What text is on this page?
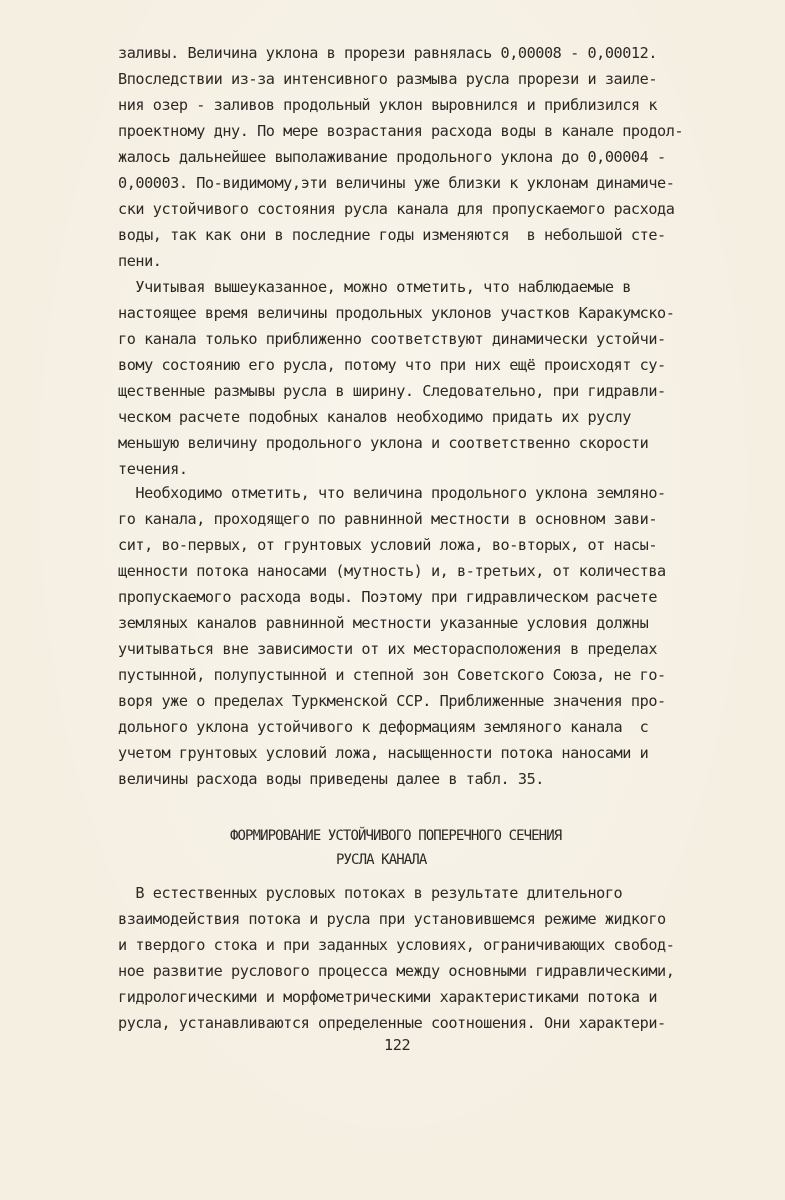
заливы. Величина уклона в прорези равнялась 0,00008 - 0,00012.
Впоследствии из-за интенсивного размыва русла прорези и заиле-
ния озер - заливов продольный уклон выровнился и приблизился к
проектному дну. По мере возрастания расхода воды в канале продол-
жалось дальнейшее выполаживание продольного уклона до 0,00004 -
0,00003. По-видимому,эти величины уже близки к уклонам динамиче-
ски устойчивого состояния русла канала для пропускаемого расхода
воды, так как они в последние годы изменяются  в небольшой сте-
пени.
Учитывая вышеуказанное, можно отметить, что наблюдаемые в
настоящее время величины продольных уклонов участков Каракумско-
го канала только приближенно соответствуют динамически устойчи-
вому состоянию его русла, потому что при них ещё происходят су-
щественные размывы русла в ширину. Следовательно, при гидравли-
ческом расчете подобных каналов необходимо придать их руслу
меньшую величину продольного уклона и соответственно скорости
течения.
Необходимо отметить, что величина продольного уклона земляно-
го канала, проходящего по равнинной местности в основном зави-
сит, во-первых, от грунтовых условий ложа, во-вторых, от насы-
щенности потока наносами (мутность) и, в-третьих, от количества
пропускаемого расхода воды. Поэтому при гидравлическом расчете
земляных каналов равнинной местности указанные условия должны
учитываться вне зависимости от их месторасположения в пределах
пустынной, полупустынной и степной зон Советского Союза, не го-
воря уже о пределах Туркменской ССР. Приближенные значения про-
дольного уклона устойчивого к деформациям земляного канала  с
учетом грунтовых условий ложа, насыщенности потока наносами и
величины расхода воды приведены далее в табл. 35.
ФОРМИРОВАНИЕ УСТОЙЧИВОГО ПОПЕРЕЧНОГО СЕЧЕНИЯ
РУСЛА КАНАЛА
В естественных русловых потоках в результате длительного
взаимодействия потока и русла при установившемся режиме жидкого
и твердого стока и при заданных условиях, ограничивающих свобод-
ное развитие руслового процесса между основными гидравлическими,
гидрологическими и морфометрическими характеристиками потока и
русла, устанавливаются определенные соотношения. Они характери-
122
